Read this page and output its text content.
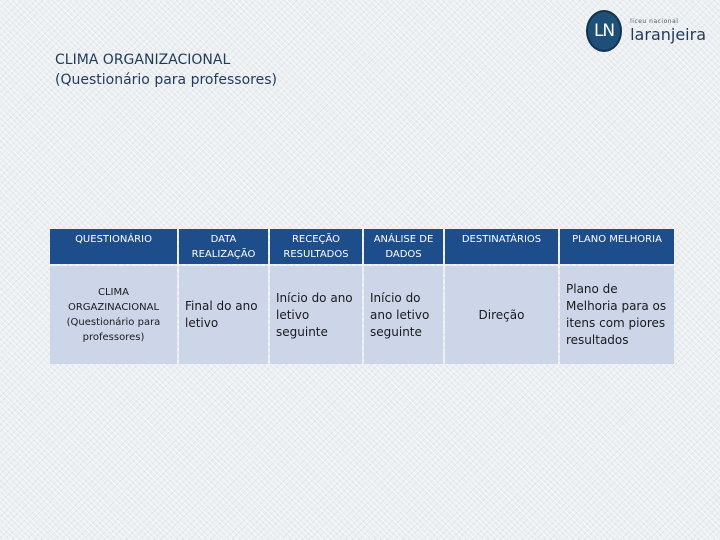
CLIMA ORGANIZACIONAL
(Questionário para professores)
LN	liceu nacional
laranjeira
QUESTIONÁRIO	DATA REALIZAÇÃO	RECEÇÃO RESULTADOS	ANÁLISE DE DADOS	DESTINATÁRIOS	PLANO MELHORIA
CLIMA ORGAZINACIONAL (Questionário para professores)	Final do ano letivo	Início do ano letivo seguinte	Início do ano letivo seguinte	Direção	Plano de Melhoria para os itens com piores resultados
